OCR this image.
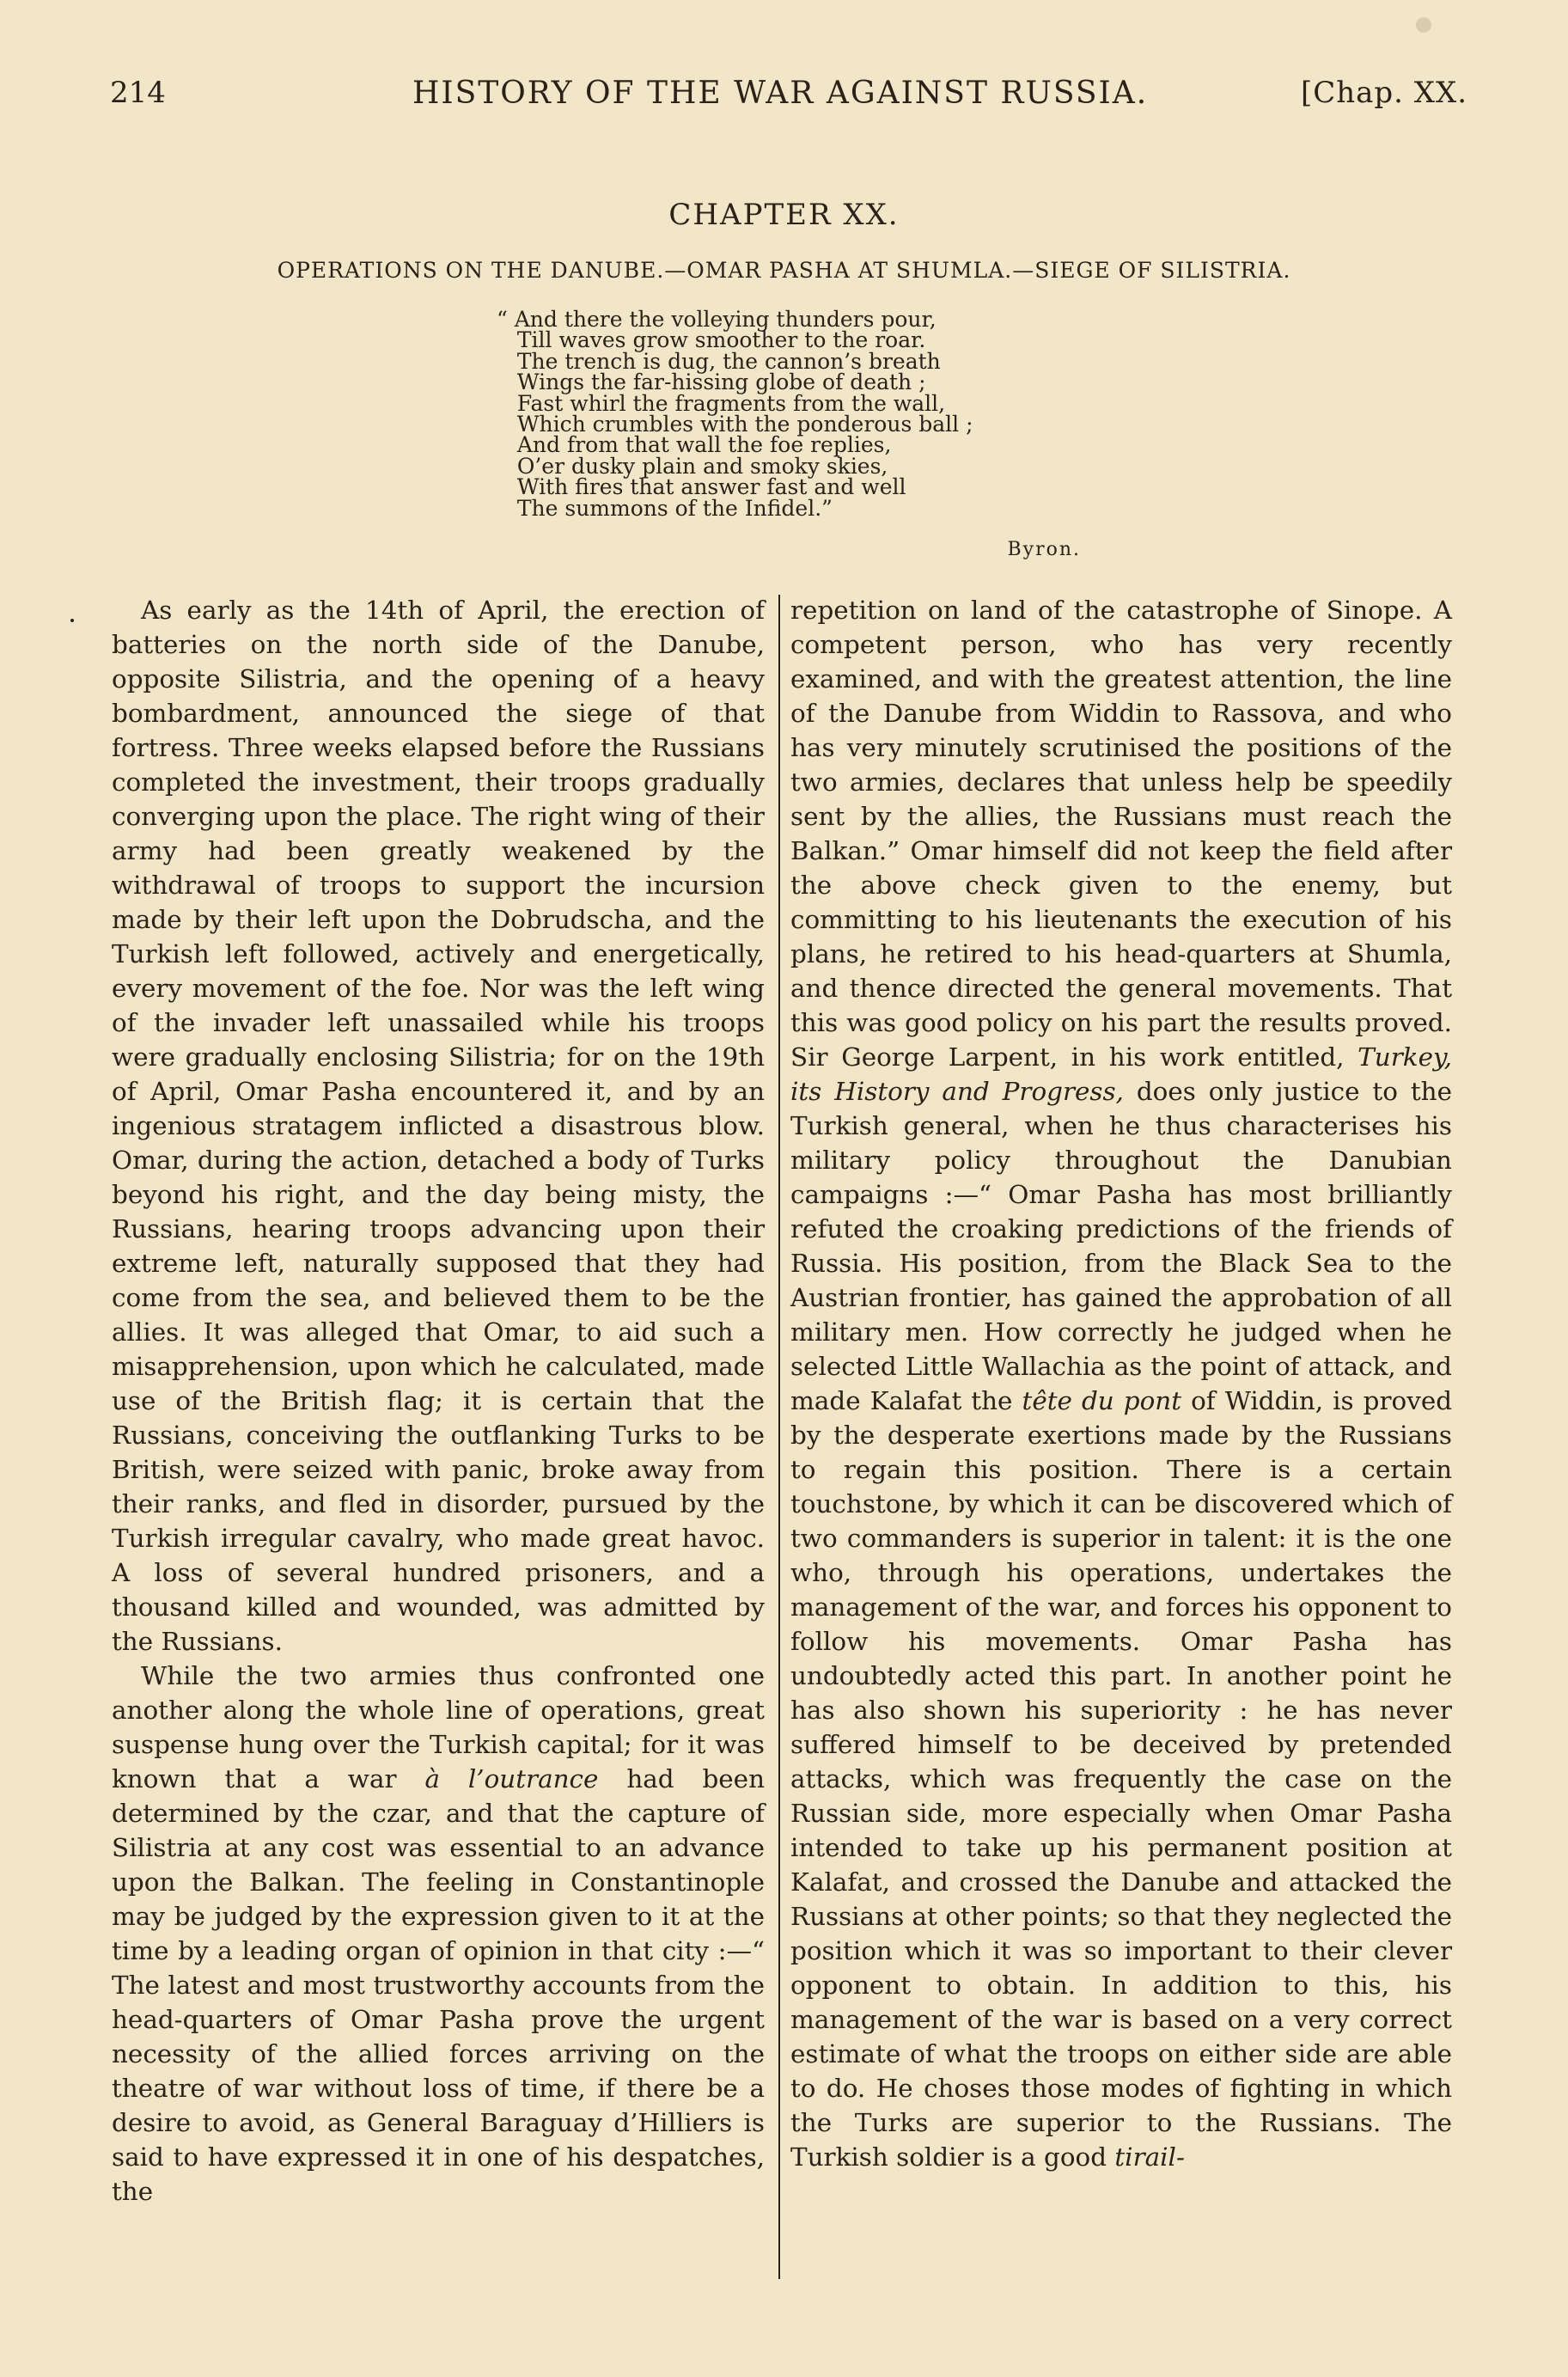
214	HISTORY OF THE WAR AGAINST RUSSIA.	[Chap. XX.
CHAPTER XX.
OPERATIONS ON THE DANUBE.—OMAR PASHA AT SHUMLA.—SIEGE OF SILISTRIA.
“ And there the volleying thunders pour,
Till waves grow smoother to the roar.
The trench is dug, the cannon’s breath
Wings the far-hissing globe of death ;
Fast whirl the fragments from the wall,
Which crumbles with the ponderous ball ;
And from that wall the foe replies,
O’er dusky plain and smoky skies,
With fires that answer fast and well
The summons of the Infidel.”
Byron.

As early as the 14th of April, the erection of batteries on the north side of the Danube, opposite Silistria, and the opening of a heavy bombardment, announced the siege of that fortress. Three weeks elapsed before the Russians completed the investment, their troops gradually converging upon the place. The right wing of their army had been greatly weakened by the withdrawal of troops to support the incursion made by their left upon the Dobrudscha, and the Turkish left followed, actively and energetically, every movement of the foe. Nor was the left wing of the invader left unassailed while his troops were gradually enclosing Silistria; for on the 19th of April, Omar Pasha encountered it, and by an ingenious stratagem inflicted a disastrous blow. Omar, during the action, detached a body of Turks beyond his right, and the day being misty, the Russians, hearing troops advancing upon their extreme left, naturally supposed that they had come from the sea, and believed them to be the allies. It was alleged that Omar, to aid such a misapprehension, upon which he calculated, made use of the British flag; it is certain that the Russians, conceiving the outflanking Turks to be British, were seized with panic, broke away from their ranks, and fled in disorder, pursued by the Turkish irregular cavalry, who made great havoc. A loss of several hundred prisoners, and a thousand killed and wounded, was admitted by the Russians.

While the two armies thus confronted one another along the whole line of operations, great suspense hung over the Turkish capital; for it was known that a war à l’outrance had been determined by the czar, and that the capture of Silistria at any cost was essential to an advance upon the Balkan. The feeling in Constantinople may be judged by the expression given to it at the time by a leading organ of opinion in that city :—“ The latest and most trustworthy accounts from the head-quarters of Omar Pasha prove the urgent necessity of the allied forces arriving on the theatre of war without loss of time, if there be a desire to avoid, as General Baraguay d’Hilliers is said to have expressed it in one of his despatches, the

repetition on land of the catastrophe of Sinope. A competent person, who has very recently examined, and with the greatest attention, the line of the Danube from Widdin to Rassova, and who has very minutely scrutinised the positions of the two armies, declares that unless help be speedily sent by the allies, the Russians must reach the Balkan.” Omar himself did not keep the field after the above check given to the enemy, but committing to his lieutenants the execution of his plans, he retired to his head-quarters at Shumla, and thence directed the general movements. That this was good policy on his part the results proved. Sir George Larpent, in his work entitled, Turkey, its History and Progress, does only justice to the Turkish general, when he thus characterises his military policy throughout the Danubian campaigns :—“ Omar Pasha has most brilliantly refuted the croaking predictions of the friends of Russia. His position, from the Black Sea to the Austrian frontier, has gained the approbation of all military men. How correctly he judged when he selected Little Wallachia as the point of attack, and made Kalafat the tête du pont of Widdin, is proved by the desperate exertions made by the Russians to regain this position. There is a certain touchstone, by which it can be discovered which of two commanders is superior in talent: it is the one who, through his operations, undertakes the management of the war, and forces his opponent to follow his movements. Omar Pasha has undoubtedly acted this part. In another point he has also shown his superiority : he has never suffered himself to be deceived by pretended attacks, which was frequently the case on the Russian side, more especially when Omar Pasha intended to take up his permanent position at Kalafat, and crossed the Danube and attacked the Russians at other points; so that they neglected the position which it was so important to their clever opponent to obtain. In addition to this, his management of the war is based on a very correct estimate of what the troops on either side are able to do. He choses those modes of fighting in which the Turks are superior to the Russians. The Turkish soldier is a good tirail-
